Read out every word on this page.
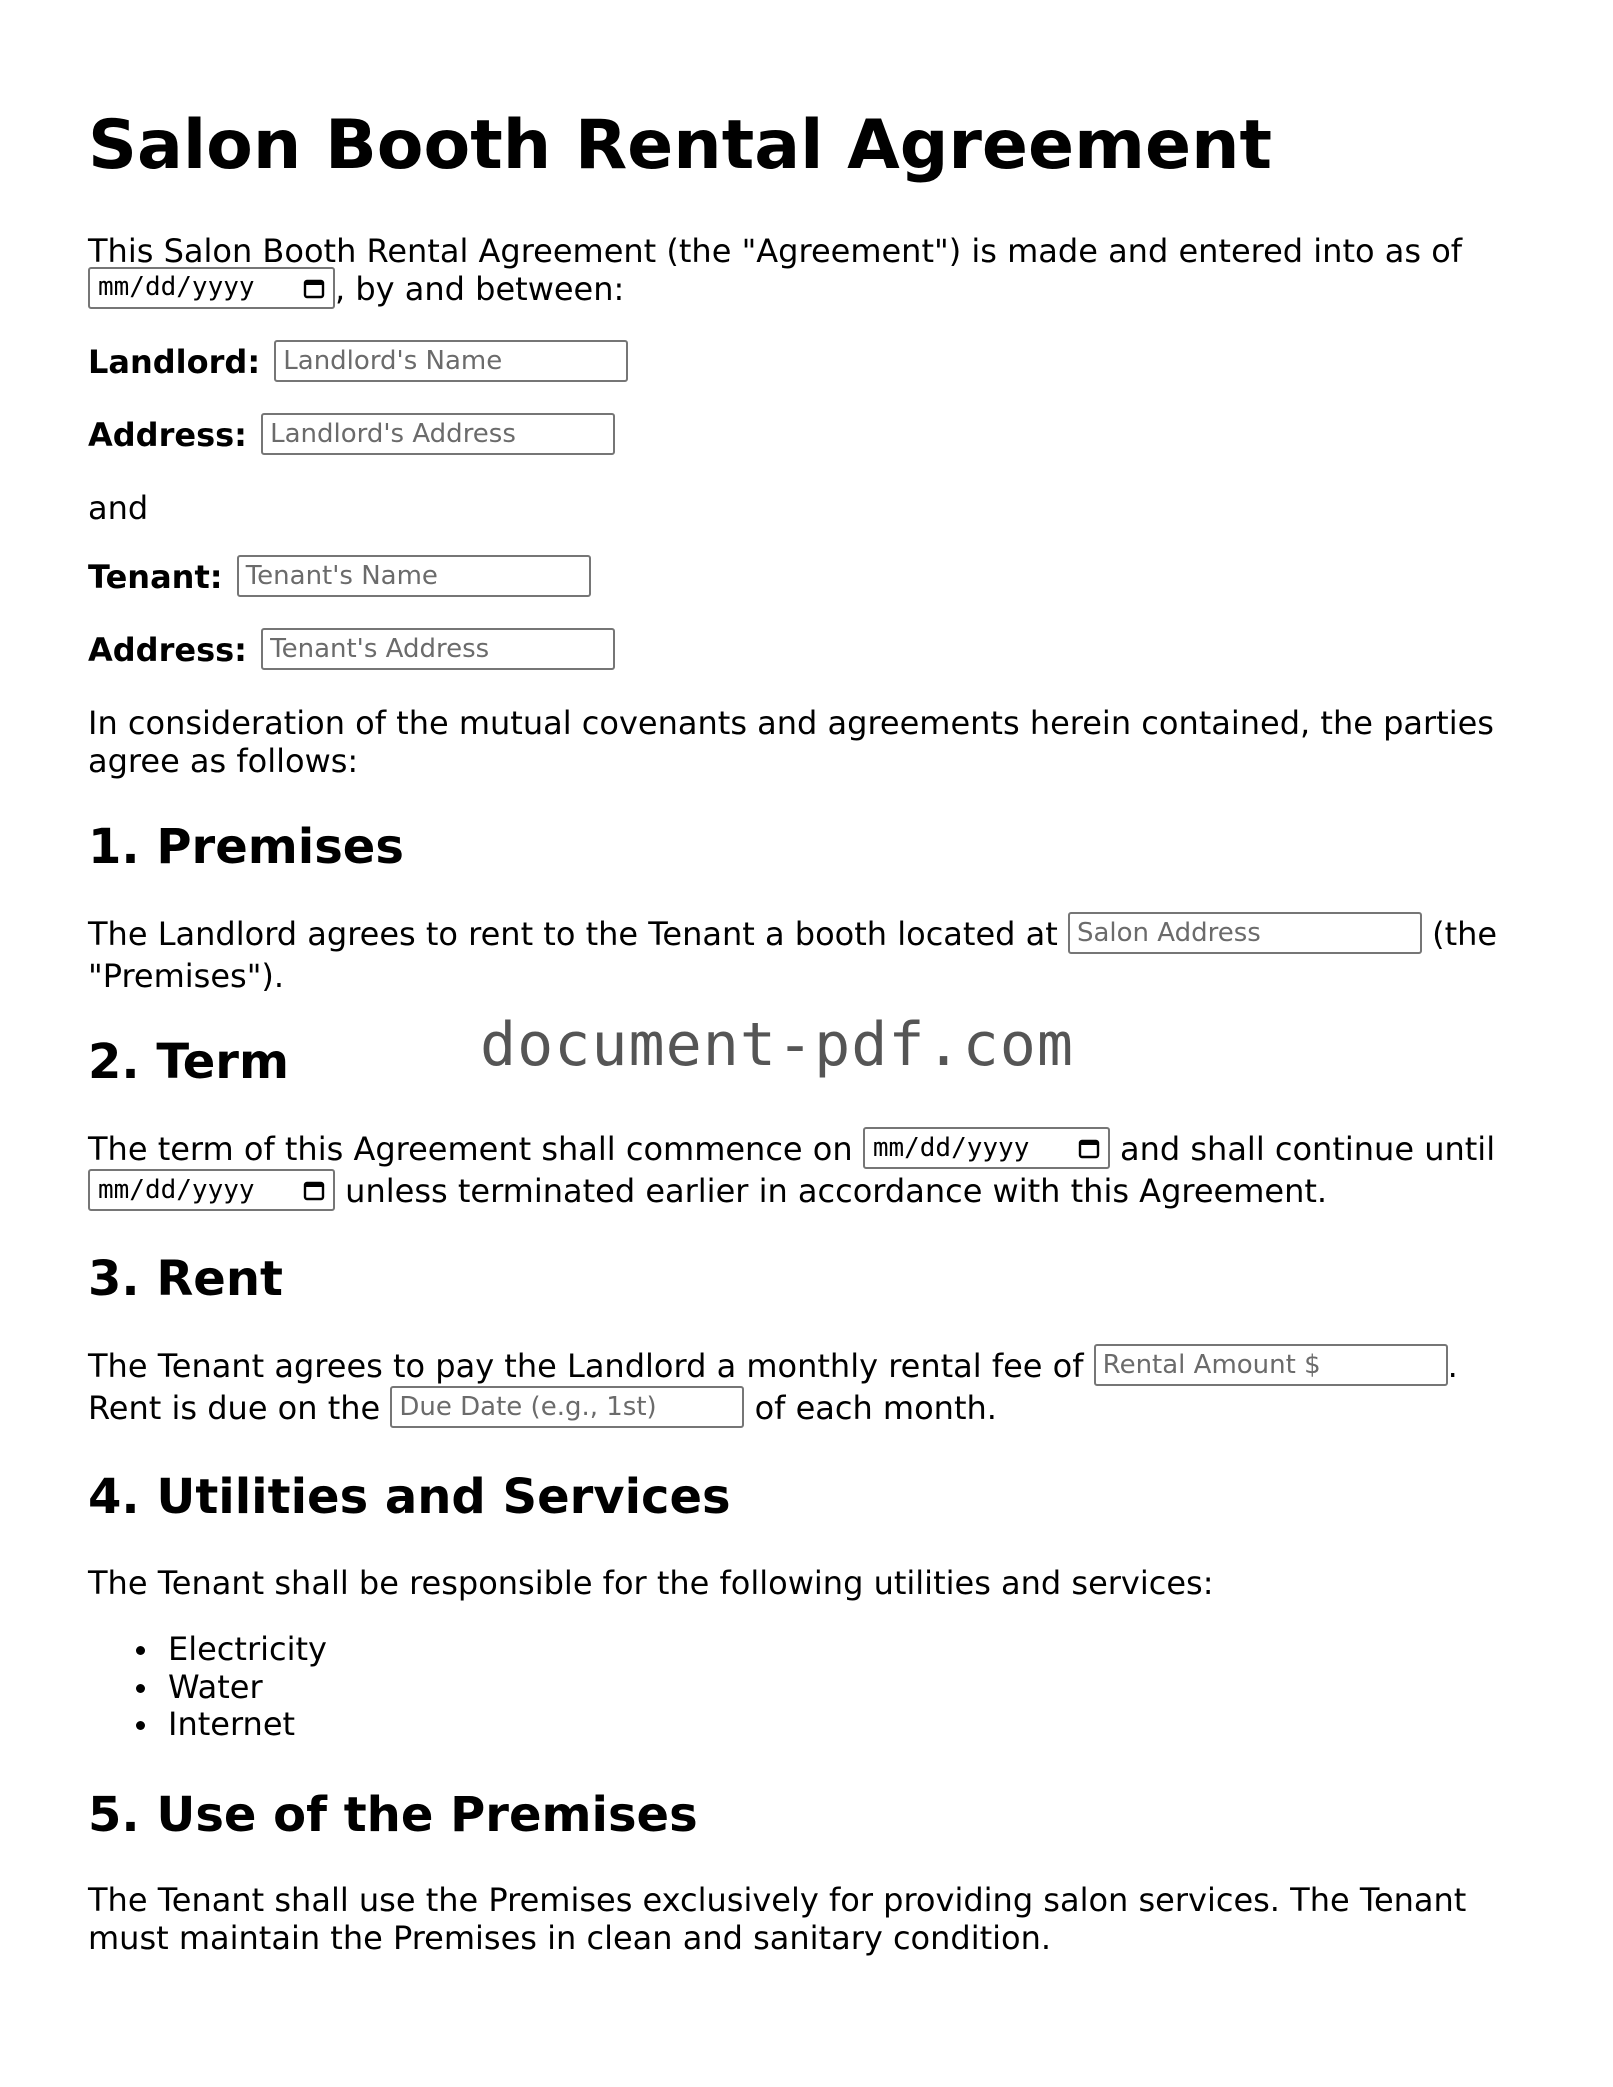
Salon Booth Rental Agreement

This Salon Booth Rental Agreement (the "Agreement") is made and entered into as of

mm/dd/yyyy	, by and between:

Landlord: Landlord's Name

Address: Landlord's Address

and

Tenant: Tenant's Name

Address: Tenant's Address

In consideration of the mutual covenants and agreements herein contained, the parties agree as follows:

1. Premises

The Landlord agrees to rent to the Tenant a booth located at Salon Address	(the "Premises").

2. Term

The term of this Agreement shall commence on mm/dd/yyyy	and shall continue until

mm/dd/yyyy	unless terminated earlier in accordance with this Agreement.

3. Rent

The Tenant agrees to pay the Landlord a monthly rental fee of Rental Amount $	.
Rent is due on the Due Date (e.g., 1st)	of each month.

4. Utilities and Services

The Tenant shall be responsible for the following utilities and services:

Electricity
Water
Internet
5. Use of the Premises

The Tenant shall use the Premises exclusively for providing salon services. The Tenant must maintain the Premises in clean and sanitary condition.

document-pdf.com
